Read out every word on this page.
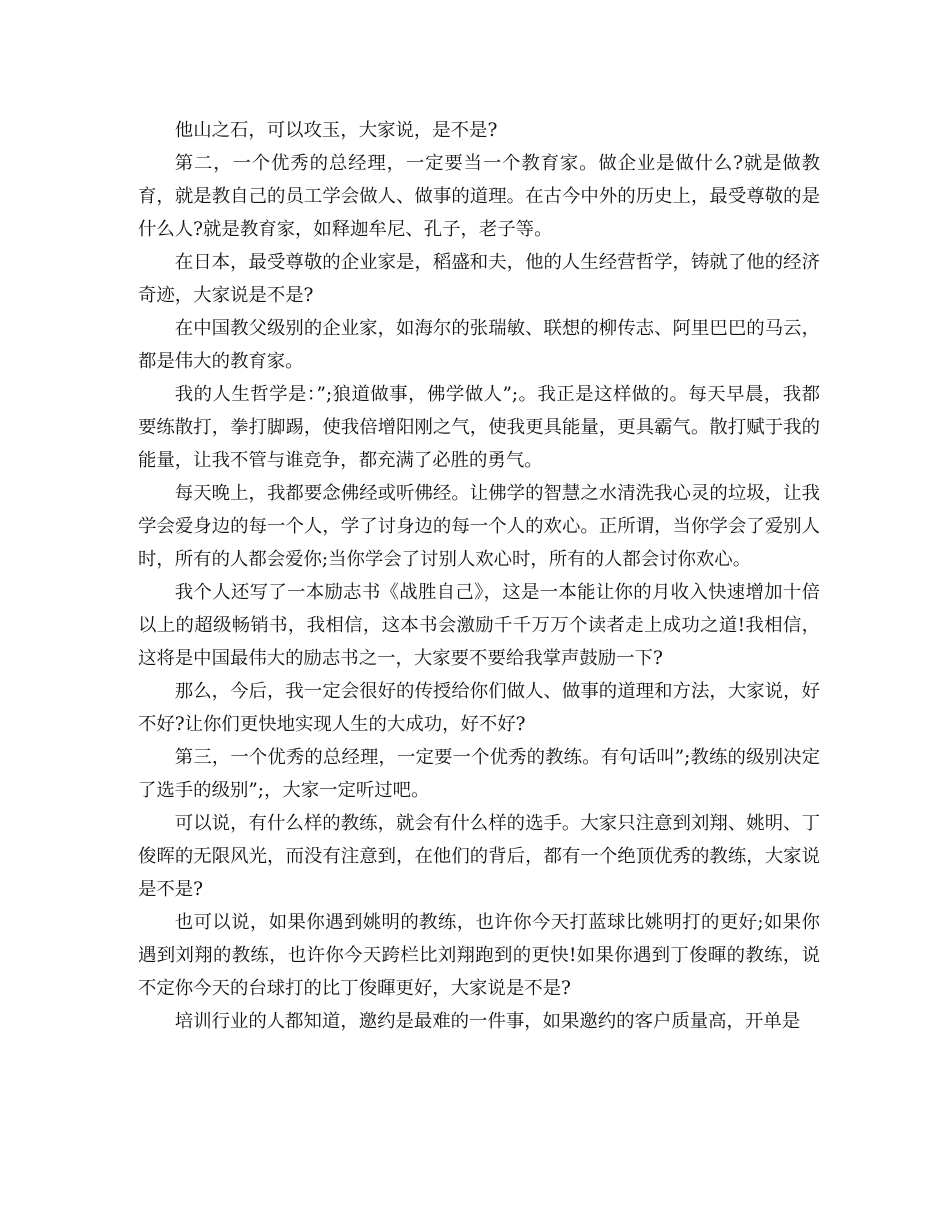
他山之石，可以攻玉，大家说，是不是?

第二，一个优秀的总经理，一定要当一个教育家。做企业是做什么?就是做教育，就是教自己的员工学会做人、做事的道理。在古今中外的历史上，最受尊敬的是什么人?就是教育家，如释迦牟尼、孔子，老子等。

在日本，最受尊敬的企业家是，稻盛和夫，他的人生经营哲学，铸就了他的经济奇迹，大家说是不是?

在中国教父级别的企业家，如海尔的张瑞敏、联想的柳传志、阿里巴巴的马云，都是伟大的教育家。

我的人生哲学是：”;狼道做事，佛学做人”;。我正是这样做的。每天早晨，我都要练散打，拳打脚踢，使我倍增阳刚之气，使我更具能量，更具霸气。散打赋于我的能量，让我不管与谁竞争，都充满了必胜的勇气。

每天晚上，我都要念佛经或听佛经。让佛学的智慧之水清洗我心灵的垃圾，让我学会爱身边的每一个人，学了讨身边的每一个人的欢心。正所谓，当你学会了爱别人时，所有的人都会爱你;当你学会了讨别人欢心时，所有的人都会讨你欢心。

我个人还写了一本励志书《战胜自己》，这是一本能让你的月收入快速增加十倍以上的超级畅销书，我相信，这本书会激励千千万万个读者走上成功之道!我相信，这将是中国最伟大的励志书之一，大家要不要给我掌声鼓励一下?

那么，今后，我一定会很好的传授给你们做人、做事的道理和方法，大家说，好不好?让你们更快地实现人生的大成功，好不好?

第三，一个优秀的总经理，一定要一个优秀的教练。有句话叫”;教练的级别决定了选手的级别”;，大家一定听过吧。

可以说，有什么样的教练，就会有什么样的选手。大家只注意到刘翔、姚明、丁俊晖的无限风光，而没有注意到，在他们的背后，都有一个绝顶优秀的教练，大家说是不是?

也可以说，如果你遇到姚明的教练，也许你今天打蓝球比姚明打的更好;如果你遇到刘翔的教练，也许你今天跨栏比刘翔跑到的更快!如果你遇到丁俊暉的教练，说不定你今天的台球打的比丁俊暉更好，大家说是不是?

培训行业的人都知道，邀约是最难的一件事，如果邀约的客户质量高，开单是
